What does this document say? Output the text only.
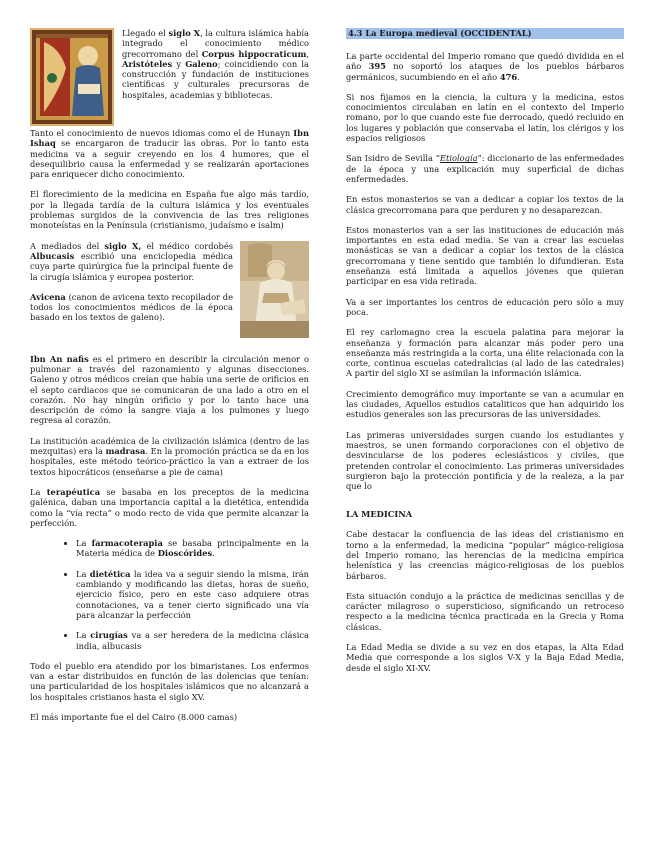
Llegado el siglo X, la cultura islámica había integrado el conocimiento médico grecorromano del Corpus hippocraticum, Aristóteles y Galeno; coincidiendo con la construcción y fundación de instituciones científicas y culturales precursoras de hospitales, academias y bibliotecas.

Tanto el conocimiento de nuevos idiomas como el de Hunayn Ibn Ishaq se encargaron de traducir las obras. Por lo tanto esta medicina va a seguir creyendo en los 4 humores, que el desequilibrio causa la enfermedad y se realizarán aportaciones para enriquecer dicho conocimiento.

El florecimiento de la medicina en España fue algo más tardío, por la llegada tardía de la cultura islámica y los eventuales problemas surgidos de la convivencia de las tres religiones monoteístas en la Península (cristianismo, judaísmo e isalm)

A mediados del siglo X, el médico cordobés Albucasis escribió una enciclopedia médica cuya parte quirúrgica fue la principal fuente de la cirugía islámica y europea posterior.

Avicena (canon de avicena texto recopilador de todos los conocimientos médicos de la época basado en los textos de galeno).

Ibn An nafis es el primero en describir la circulación menor o pulmonar a través del razonamiento y algunas disecciones. Galeno y otros médicos creían que había una serie de orificios en el septo cardiacos que se comunicaran de una lado a otro en el corazón. No hay ningún orificio y por lo tanto hace una descripción de cómo la sangre viaja a los pulmones y luego regresa al corazón.

La institución académica de la civilización islámica (dentro de las mezquitas) era la madrasa. En la promoción práctica se da en los hospitales, este método teórico-práctico la van a extraer de los textos hipocráticos (enseñarse a pie de cama)

La terapéutica se basaba en los preceptos de la medicina galénica, daban una importancia capital a la dietética, entendida como la “vía recta” o modo recto de vida que permite alcanzar la perfección.

• La farmacoterapia se basaba principalmente en la Materia médica de Dioscórides.
• La dietética la idea va a seguir siendo la misma, irán cambiando y modificando las dietas, horas de sueño, ejercicio físico, pero en este caso adquiere otras connotaciones, va a tener cierto significado una vía para alcanzar la perfección
• La cirugías va a ser heredera de la medicina clásica india, albucasis

Todo el pueblo era atendido por los bimaristanes. Los enfermos van a estar distribuidos en función de las dolencias que tenían: una particularidad de los hospitales islámicos que no alcanzará a los hospitales cristianos hasta el siglo XV.

El más importante fue el del Cairo (8.000 camas)

4.3 La Europa medieval (OCCIDENTAL)

La parte occidental del Imperio romano que quedó dividida en el año 395 no soportó los ataques de los pueblos bárbaros germánicos, sucumbiendo en el año 476.

Si nos fijamos en la ciencia, la cultura y la medicina, estos conocimientos circulaban en latín en el contexto del Imperio romano, por lo que cuando este fue derrocado, quedó recluido en los lugares y población que conservaba el latín, los clérigos y los espacios religiosos

San Isidro de Sevilla “Etiología”: diccionario de las enfermedades de la época y una explicación muy superficial de dichas enfermedades.

En estos monasterios se van a dedicar a copiar los textos de la clásica grecorromana para que perduren y no desaparezcan.

Estos monasterios van a ser las instituciones de educación más importantes en esta edad media. Se van a crear las escuelas monásticas se van a dedicar a copiar los textos de la clásica grecorromana y tiene sentido que también lo difundieran. Esta enseñanza está limitada a aquellos jóvenes que quieran participar en esa vida retirada.

Va a ser importantes los centros de educación pero sólo a muy poca.

El rey carlomagno crea la escuela palatina para mejorar la enseñanza y formación para alcanzar más poder pero una enseñanza más restringida a la corta, una élite relacionada con la corte, continua escuelas catedralicias (al lado de las catedrales) A partir del siglo XI se asimilan la información islámica.

Crecimiento demográfico muy importante se van a acumular en las ciudades, Aquellos estudios cataliticos que han adquirido los estudios generales son las precursoras de las universidades.

Las primeras universidades surgen cuando los estudiantes y maestros, se unen formando corporaciones con el objetivo de desvincularse de los poderes eclesiásticos y civiles, que pretenden controlar el conocimiento. Las primeras universidades surgieron bajo la protección pontificia y de la realeza, a la par que lo

LA MEDICINA

Cabe destacar la confluencia de las ideas del cristianismo en torno a la enfermedad, la medicina “popular” mágico-religiosa del Imperio romano, las herencias de la medicina empírica helenística y las creencias mágico-religiosas de los pueblos bárbaros.

Esta situación condujo a la práctica de medicinas sencillas y de carácter milagroso o supersticioso, significando un retroceso respecto a la medicina técnica practicada en la Grecia y Roma clásicas.

La Edad Media se divide a su vez en dos etapas, la Alta Edad Media que corresponde a los siglos V-X y la Baja Edad Media, desde el siglo XI-XV.
